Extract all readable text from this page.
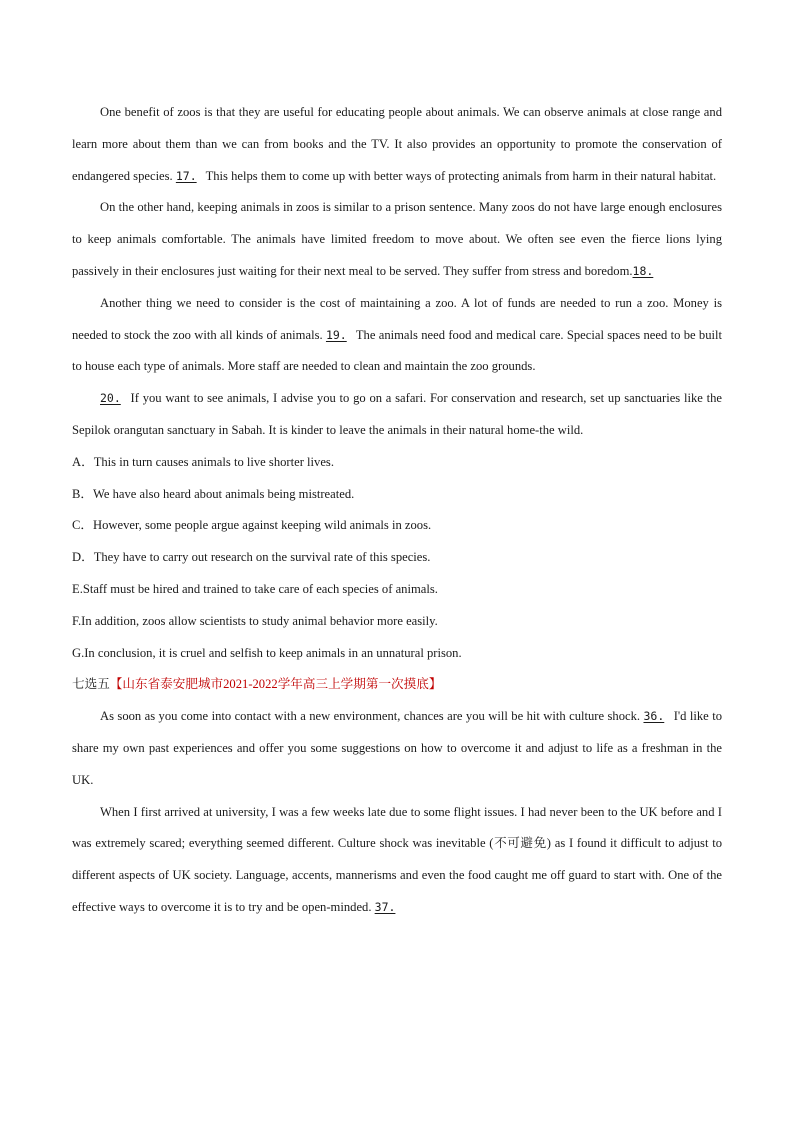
One benefit of zoos is that they are useful for educating people about animals. We can observe animals at close range and learn more about them than we can from books and the TV. It also provides an opportunity to promote the conservation of endangered species. 17. This helps them to come up with better ways of protecting animals from harm in their natural habitat.

On the other hand, keeping animals in zoos is similar to a prison sentence. Many zoos do not have large enough enclosures to keep animals comfortable. The animals have limited freedom to move about. We often see even the fierce lions lying passively in their enclosures just waiting for their next meal to be served. They suffer from stress and boredom.18.

Another thing we need to consider is the cost of maintaining a zoo. A lot of funds are needed to run a zoo. Money is needed to stock the zoo with all kinds of animals. 19. The animals need food and medical care. Special spaces need to be built to house each type of animals. More staff are needed to clean and maintain the zoo grounds.

20. If you want to see animals, I advise you to go on a safari. For conservation and research, set up sanctuaries like the Sepilok orangutan sanctuary in Sabah. It is kinder to leave the animals in their natural home-the wild.

A．This in turn causes animals to live shorter lives.

B．We have also heard about animals being mistreated.

C．However, some people argue against keeping wild animals in zoos.

D．They have to carry out research on the survival rate of this species.

E.Staff must be hired and trained to take care of each species of animals.

F.In addition, zoos allow scientists to study animal behavior more easily.

G.In conclusion, it is cruel and selfish to keep animals in an unnatural prison.

七选五【山东省泰安肥城市2021-2022学年高三上学期第一次摸底】

As soon as you come into contact with a new environment, chances are you will be hit with culture shock. 36. I'd like to share my own past experiences and offer you some suggestions on how to overcome it and adjust to life as a freshman in the UK.

When I first arrived at university, I was a few weeks late due to some flight issues. I had never been to the UK before and I was extremely scared; everything seemed different. Culture shock was inevitable (不可避免) as I found it difficult to adjust to different aspects of UK society. Language, accents, mannerisms and even the food caught me off guard to start with. One of the effective ways to overcome it is to try and be open-minded. 37.
